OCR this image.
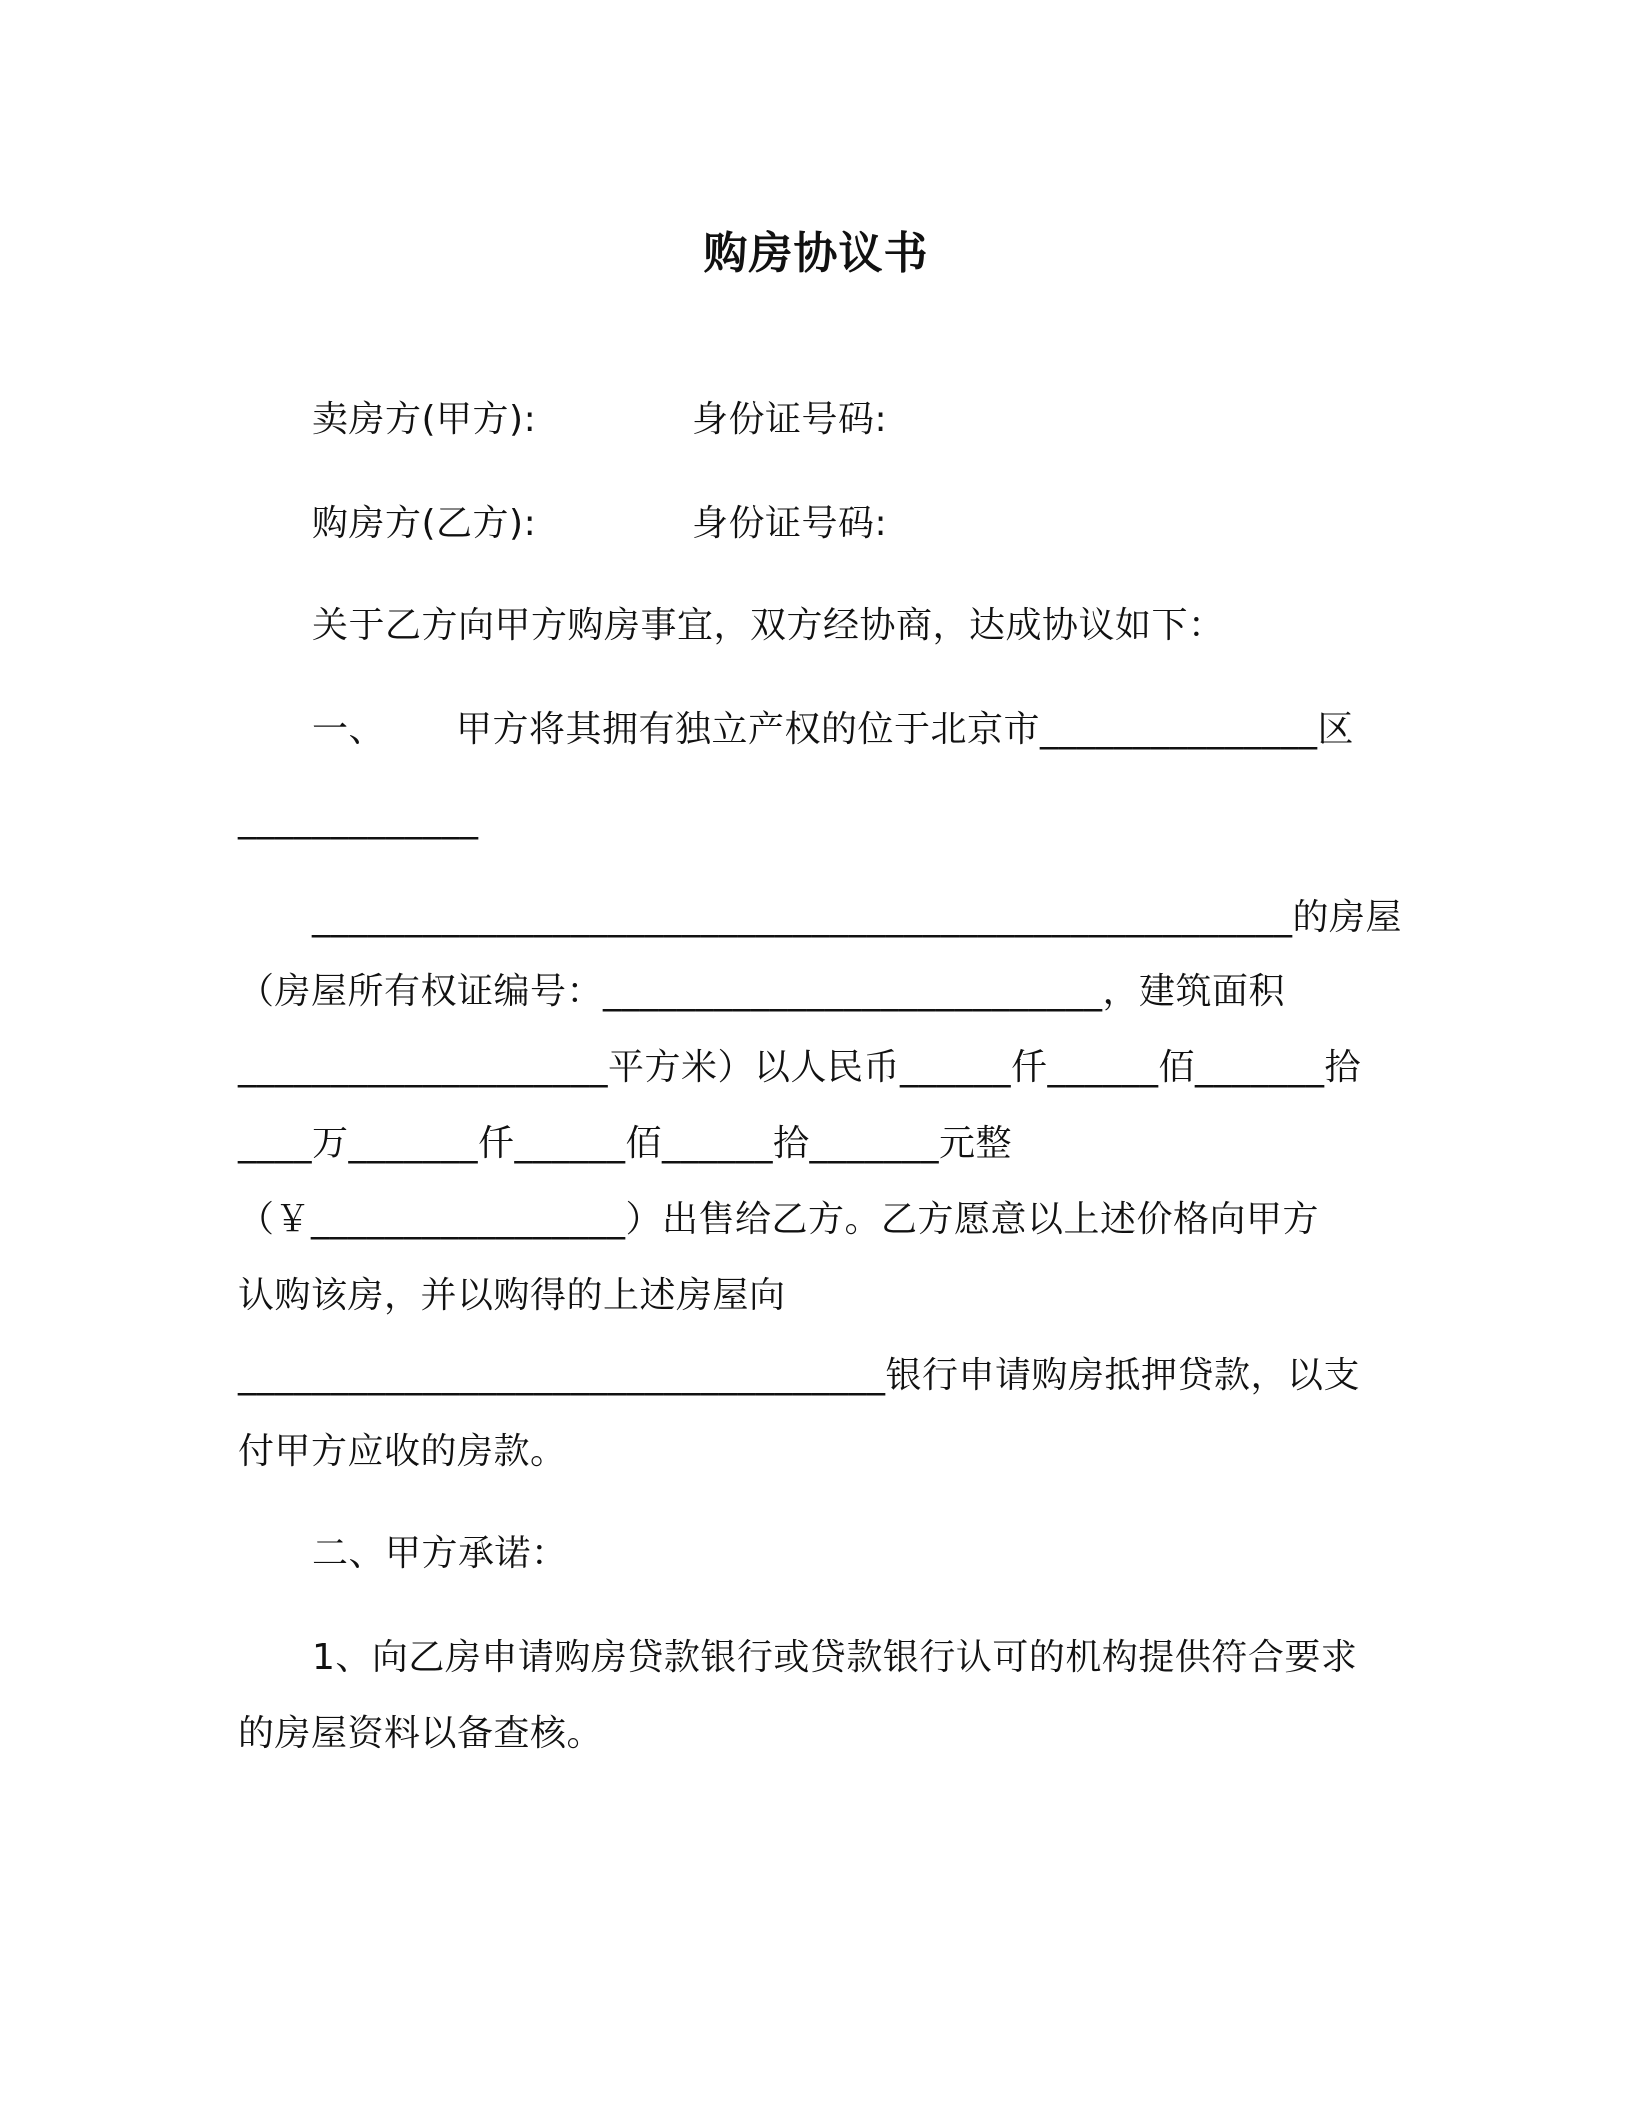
购房协议书
卖房方(甲方):	身份证号码:
购房方(乙方):	身份证号码:
关于乙方向甲方购房事宜，双方经协商，达成协议如下：
一、 甲方将其拥有独立产权的位于北京市_______________区
_____________
_____________________________________________________的房屋
（房屋所有权证编号：___________________________，建筑面积
____________________平方米）以人民币______仟______佰_______拾
____万_______仟______佰______拾_______元整
（￥_________________）出售给乙方。乙方愿意以上述价格向甲方
认购该房，并以购得的上述房屋向
___________________________________银行申请购房抵押贷款，以支
付甲方应收的房款。
二、甲方承诺：
1、向乙房申请购房贷款银行或贷款银行认可的机构提供符合要求
的房屋资料以备查核。
